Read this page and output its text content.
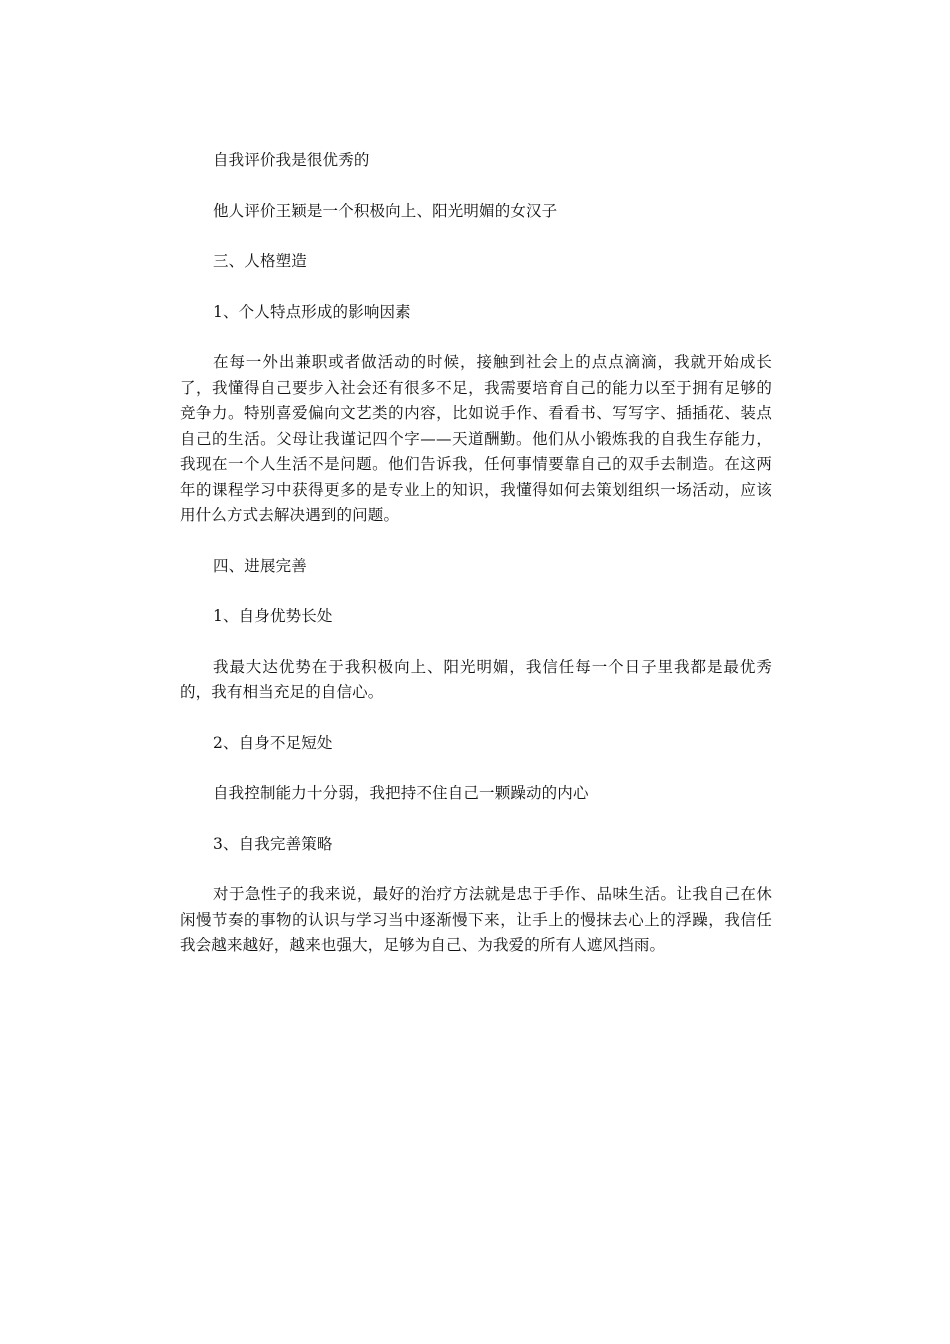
自我评价我是很优秀的

他人评价王颖是一个积极向上、阳光明媚的女汉子

三、人格塑造

1、个人特点形成的影响因素

在每一外出兼职或者做活动的时候，接触到社会上的点点滴滴，我就开始成长了，我懂得自己要步入社会还有很多不足，我需要培育自己的能力以至于拥有足够的竞争力。特别喜爱偏向文艺类的内容，比如说手作、看看书、写写字、插插花、装点自己的生活。父母让我谨记四个字——天道酬勤。他们从小锻炼我的自我生存能力，我现在一个人生活不是问题。他们告诉我，任何事情要靠自己的双手去制造。在这两年的课程学习中获得更多的是专业上的知识，我懂得如何去策划组织一场活动，应该用什么方式去解决遇到的问题。

四、进展完善

1、自身优势长处

我最大达优势在于我积极向上、阳光明媚，我信任每一个日子里我都是最优秀的，我有相当充足的自信心。

2、自身不足短处

自我控制能力十分弱，我把持不住自己一颗躁动的内心

3、自我完善策略

对于急性子的我来说，最好的治疗方法就是忠于手作、品味生活。让我自己在休闲慢节奏的事物的认识与学习当中逐渐慢下来，让手上的慢抹去心上的浮躁，我信任我会越来越好，越来也强大，足够为自己、为我爱的所有人遮风挡雨。
